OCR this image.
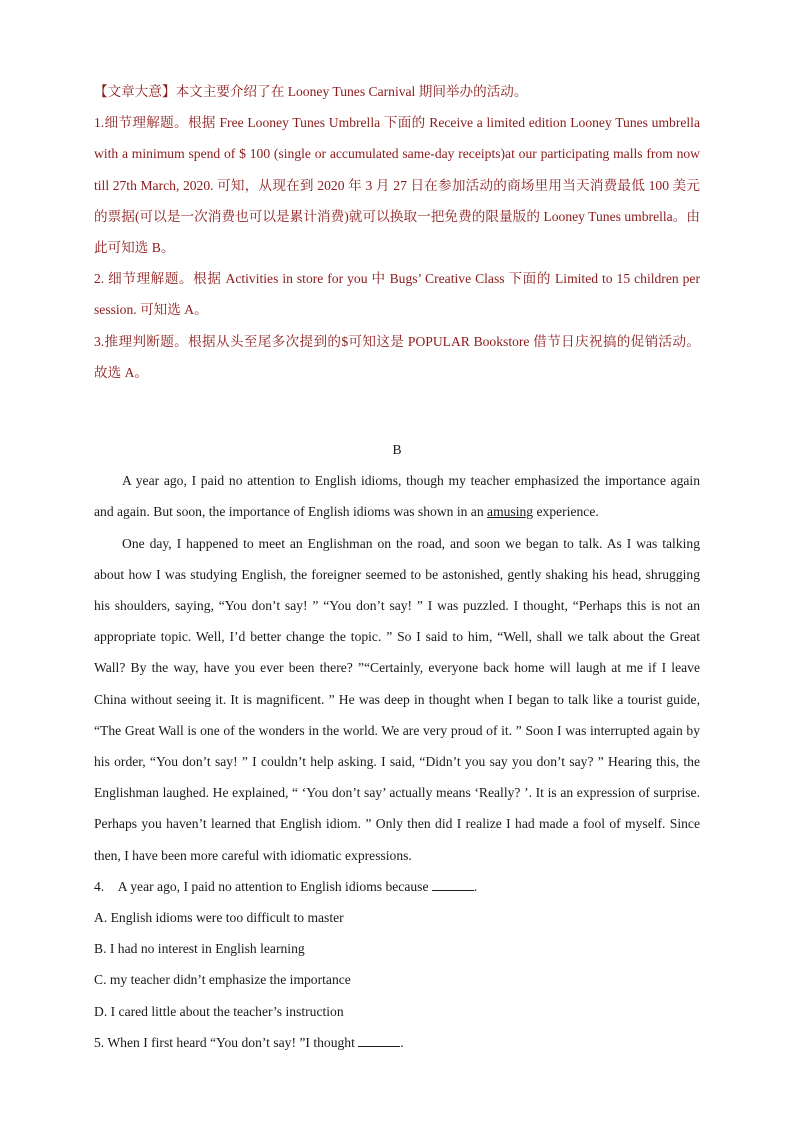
【文章大意】本文主要介绍了在 Looney Tunes Carnival 期间举办的活动。

1.细节理解题。根据 Free Looney Tunes Umbrella 下面的 Receive a limited edition Looney Tunes umbrella with a minimum spend of $ 100 (single or accumulated same-day receipts)at our participating malls from now till 27th March, 2020. 可知，从现在到 2020 年 3 月 27 日在参加活动的商场里用当天消费最低 100 美元的票据(可以是一次消费也可以是累计消费)就可以换取一把免费的限量版的 Looney Tunes umbrella。由此可知选 B。

2. 细节理解题。根据 Activities in store for you 中 Bugs’ Creative Class 下面的 Limited to 15 children per session. 可知选 A。

3.推理判断题。根据从头至尾多次提到的$可知这是 POPULAR Bookstore 借节日庆祝搞的促销活动。故选 A。

B

A year ago, I paid no attention to English idioms, though my teacher emphasized the importance again and again. But soon, the importance of English idioms was shown in an amusing experience.

One day, I happened to meet an Englishman on the road, and soon we began to talk. As I was talking about how I was studying English, the foreigner seemed to be astonished, gently shaking his head, shrugging his shoulders, saying, “You don’t say! ” “You don’t say! ” I was puzzled. I thought, “Perhaps this is not an appropriate topic. Well, I’d better change the topic. ” So I said to him, “Well, shall we talk about the Great Wall? By the way, have you ever been there? ”“Certainly, everyone back home will laugh at me if I leave China without seeing it. It is magnificent. ” He was deep in thought when I began to talk like a tourist guide, “The Great Wall is one of the wonders in the world. We are very proud of it. ” Soon I was interrupted again by his order, “You don’t say! ” I couldn’t help asking. I said, “Didn’t you say you don’t say? ” Hearing this, the Englishman laughed. He explained, “ ‘You don’t say’ actually means ‘Really? ’. It is an expression of surprise. Perhaps you haven’t learned that English idiom. ” Only then did I realize I had made a fool of myself. Since then, I have been more careful with idiomatic expressions.

4.　A year ago, I paid no attention to English idioms because	.

A. English idioms were too difficult to master

B. I had no interest in English learning

C. my teacher didn’t emphasize the importance

D. I cared little about the teacher’s instruction

5. When I first heard “You don’t say! ”I thought	.
